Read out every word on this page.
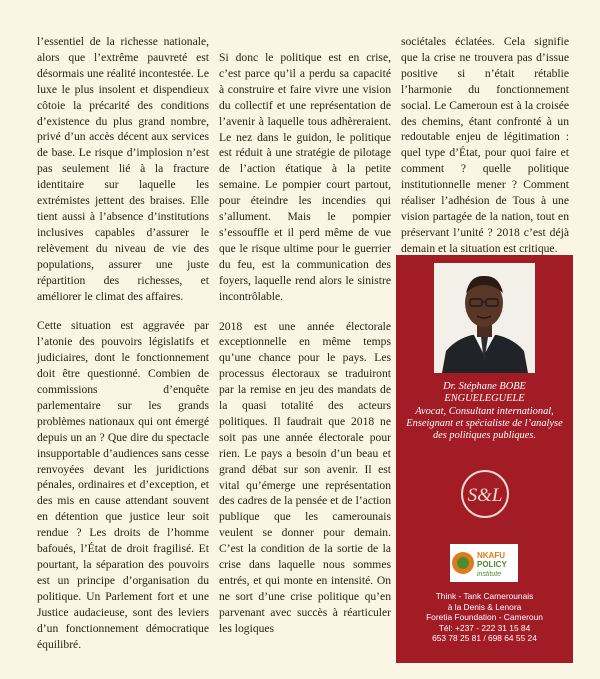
l’essentiel de la richesse nationale, alors que l’extrême pauvreté est désormais une réalité incontestée. Le luxe le plus insolent et dispendieux côtoie la précarité des conditions d’existence du plus grand nombre, privé d’un accès décent aux services de base. Le risque d’implosion n’est pas seulement lié à la fracture identitaire sur laquelle les extrémistes jettent des braises. Elle tient aussi à l’absence d’institutions inclusives capables d’assurer le relèvement du niveau de vie des populations, assurer une juste répartition des richesses, et améliorer le climat des affaires.

Cette situation est aggravée par l’atonie des pouvoirs législatifs et judiciaires, dont le fonctionnement doit être questionné. Combien de commissions d’enquête parlementaire sur les grands problèmes nationaux qui ont émergé depuis un an ? Que dire du spectacle insupportable d’audiences sans cesse renvoyées devant les juridictions pénales, ordinaires et d’exception, et des mis en cause attendant souvent en détention que justice leur soit rendue ? Les droits de l’homme bafoués, l’État de droit fragilisé. Et pourtant, la séparation des pouvoirs est un principe d’organisation du politique. Un Parlement fort et une Justice audacieuse, sont des leviers d’un fonctionnement démocratique équilibré.

Si donc le politique est en crise, c’est parce qu’il a perdu sa capacité à construire et faire vivre une vision du collectif et une représentation de l’avenir à laquelle tous adhèreraient. Le nez dans le guidon, le politique est réduit à une stratégie de pilotage de l’action étatique à la petite semaine. Le pompier court partout, pour éteindre les incendies qui s’allument. Mais le pompier s’essouffle et il perd même de vue que le risque ultime pour le guerrier du feu, est la communication des foyers, laquelle rend alors le sinistre incontrôlable.

2018 est une année électorale exceptionnelle en même temps qu’une chance pour le pays. Les processus électoraux se traduiront par la remise en jeu des mandats de la quasi totalité des acteurs politiques. Il faudrait que 2018 ne soit pas une année électorale pour rien. Le pays a besoin d’un beau et grand débat sur son avenir. Il est vital qu’émerge une représentation des cadres de la pensée et de l’action publique que les camerounais veulent se donner pour demain. C’est la condition de la sortie de la crise dans laquelle nous sommes entrés, et qui monte en intensité. On ne sort d’une crise politique qu’en parvenant avec succès à réarticuler les logiques

sociétales éclatées. Cela signifie que la crise ne trouvera pas d’issue positive si n’était rétablie l’harmonie du fonctionnement social. Le Cameroun est à la croisée des chemins, étant confronté à un redoutable enjeu de légitimation : quel type d’État, pour quoi faire et comment ? quelle politique institutionnelle mener ? Comment réaliser l’adhésion de Tous à une vision partagée de la nation, tout en préservant l’unité ? 2018 c’est déjà demain et la situation est critique.

Dr. Stéphane BOBE
ENGUELEGUELE
Avocat, Consultant international, Enseignant et spécialiste de l’analyse des politiques publiques.
S&L
NKAFU
POLICY
institute
Think - Tank Camerounais
à la Denis & Lenora
Foretia Foundation - Cameroun
Tél: +237 - 222 31 15 84
653 78 25 81 / 698 64 55 24
